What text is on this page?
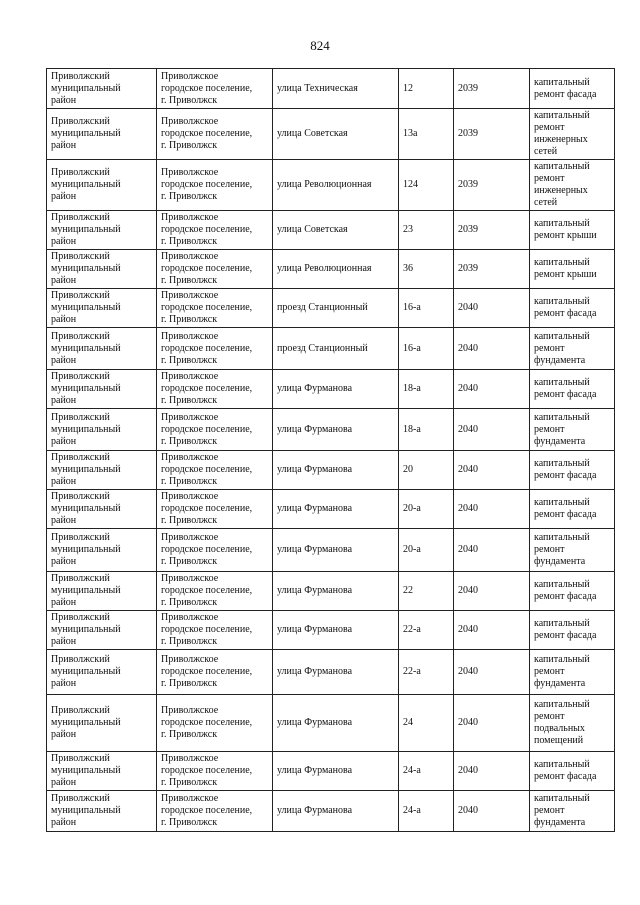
824
Приволжский
муниципальный
район	Приволжское
городское поселение,
г. Приволжск	улица Техническая	12	2039	капитальный
ремонт фасада

Приволжский
муниципальный
район	Приволжское
городское поселение,
г. Приволжск	улица Советская	13а	2039	капитальный
ремонт
инженерных
сетей

Приволжский
муниципальный
район	Приволжское
городское поселение,
г. Приволжск	улица Революционная	124	2039	капитальный
ремонт
инженерных
сетей

Приволжский
муниципальный
район	Приволжское
городское поселение,
г. Приволжск	улица Советская	23	2039	капитальный
ремонт крыши

Приволжский
муниципальный
район	Приволжское
городское поселение,
г. Приволжск	улица Революционная	36	2039	капитальный
ремонт крыши

Приволжский
муниципальный
район	Приволжское
городское поселение,
г. Приволжск	проезд Станционный	16-а	2040	капитальный
ремонт фасада

Приволжский
муниципальный
район	Приволжское
городское поселение,
г. Приволжск	проезд Станционный	16-а	2040	капитальный
ремонт
фундамента

Приволжский
муниципальный
район	Приволжское
городское поселение,
г. Приволжск	улица Фурманова	18-а	2040	капитальный
ремонт фасада

Приволжский
муниципальный
район	Приволжское
городское поселение,
г. Приволжск	улица Фурманова	18-а	2040	капитальный
ремонт
фундамента

Приволжский
муниципальный
район	Приволжское
городское поселение,
г. Приволжск	улица Фурманова	20	2040	капитальный
ремонт фасада

Приволжский
муниципальный
район	Приволжское
городское поселение,
г. Приволжск	улица Фурманова	20-а	2040	капитальный
ремонт фасада

Приволжский
муниципальный
район	Приволжское
городское поселение,
г. Приволжск	улица Фурманова	20-а	2040	капитальный
ремонт
фундамента

Приволжский
муниципальный
район	Приволжское
городское поселение,
г. Приволжск	улица Фурманова	22	2040	капитальный
ремонт фасада

Приволжский
муниципальный
район	Приволжское
городское поселение,
г. Приволжск	улица Фурманова	22-а	2040	капитальный
ремонт фасада

Приволжский
муниципальный
район	Приволжское
городское поселение,
г. Приволжск	улица Фурманова	22-а	2040	капитальный
ремонт
фундамента

Приволжский
муниципальный
район	Приволжское
городское поселение,
г. Приволжск	улица Фурманова	24	2040	капитальный
ремонт
подвальных
помещений

Приволжский
муниципальный
район	Приволжское
городское поселение,
г. Приволжск	улица Фурманова	24-а	2040	капитальный
ремонт фасада

Приволжский
муниципальный
район	Приволжское
городское поселение,
г. Приволжск	улица Фурманова	24-а	2040	капитальный
ремонт
фундамента
